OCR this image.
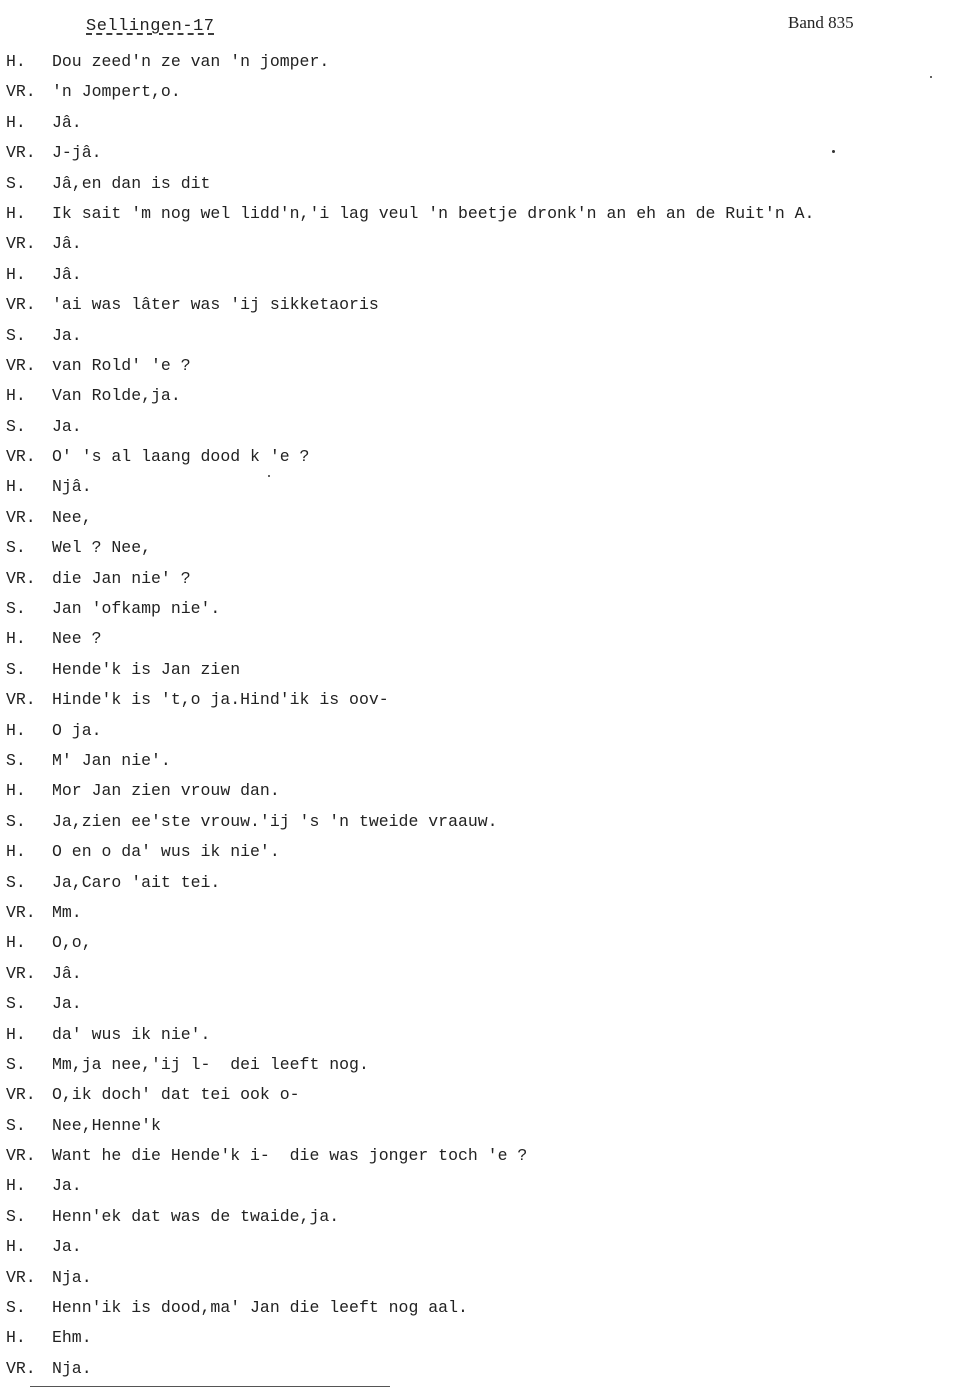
Sellingen-17	Band 835
H. Dou zeed'n ze van 'n jomper.
VR. 'n Jompert,o.
H. Jâ.
VR. J-jâ.
S. Jâ,en dan is dit
H. Ik sait 'm nog wel lidd'n,'i lag veul 'n beetje dronk'n an eh an de Ruit'n A.
VR. Jâ.
H. Jâ.
VR. 'ai was lâter was 'ij sikketaoris
S. Ja.
VR. van Rold' 'e ?
H. Van Rolde,ja.
S. Ja.
VR. O' 's al laang dood k 'e ?
H. Njâ.
VR. Nee,
S. Wel ? Nee,
VR. die Jan nie' ?
S. Jan 'ofkamp nie'.
H. Nee ?
S. Hende'k is Jan zien
VR. Hinde'k is 't,o ja.Hind'ik is oov-
H. O ja.
S. M' Jan nie'.
H. Mor Jan zien vrouw dan.
S. Ja,zien ee'ste vrouw.'ij 's 'n tweide vraauw.
H. O en o da' wus ik nie'.
S. Ja,Caro 'ait tei.
VR. Mm.
H. O,o,
VR. Jâ.
S. Ja.
H. da' wus ik nie'.
S. Mm,ja nee,'ij l-  dei leeft nog.
VR. O,ik doch' dat tei ook o-
S. Nee,Henne'k
VR. Want he die Hende'k i-  die was jonger toch 'e ?
H. Ja.
S. Henn'ek dat was de twaide,ja.
H. Ja.
VR. Nja.
S. Henn'ik is dood,ma' Jan die leeft nog aal.
H. Ehm.
VR. Nja.
